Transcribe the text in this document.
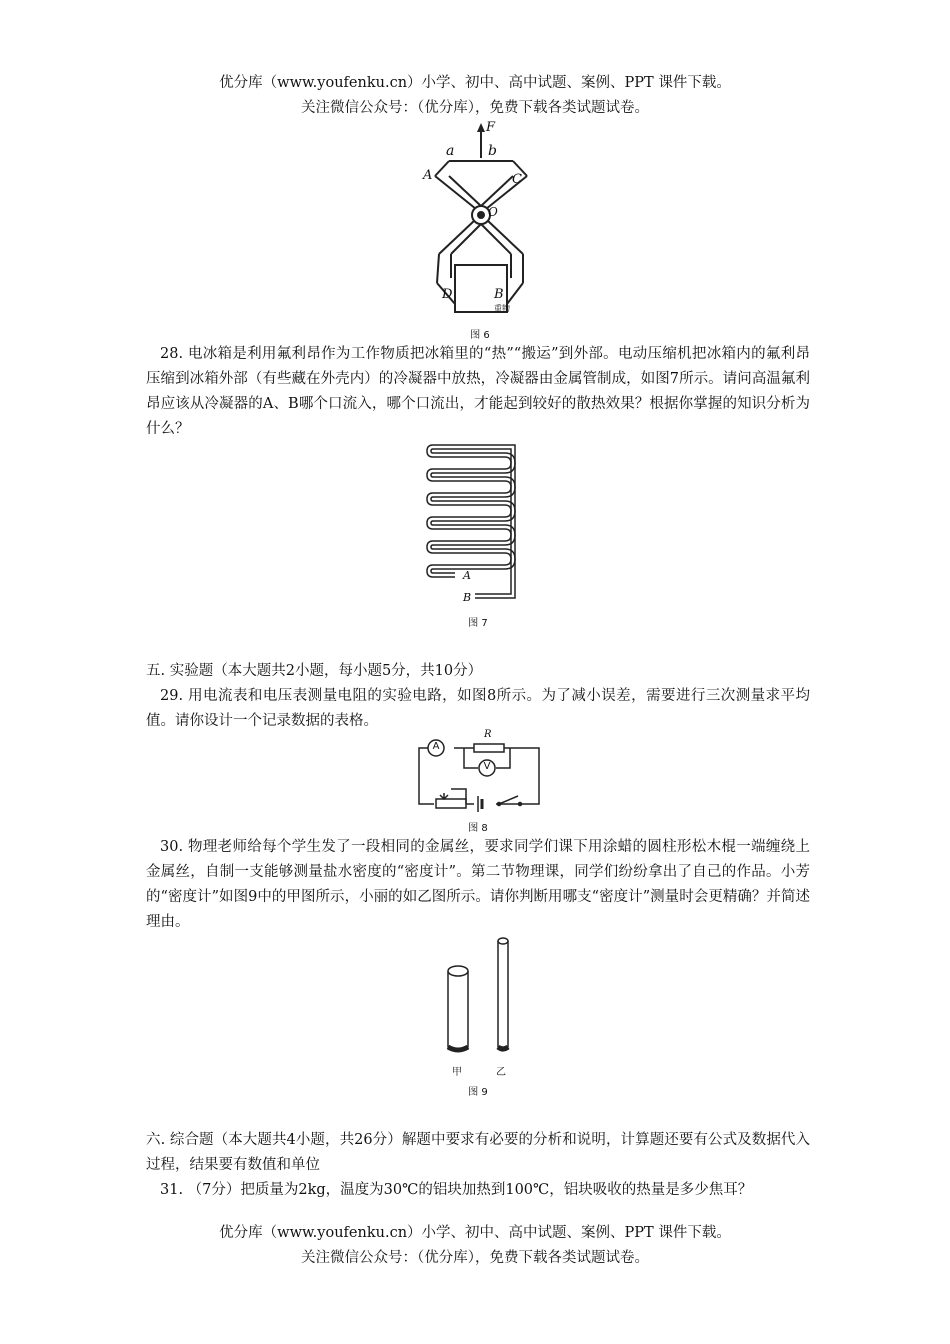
优分库（www.youfenku.cn）小学、初中、高中试题、案例、PPT 课件下载。
关注微信公众号：（优分库），免费下载各类试题试卷。
F
a b
A	C
O
D	B
重物
图 6

28. 电冰箱是利用氟利昂作为工作物质把冰箱里的“热”“搬运”到外部。电动压缩机把冰箱内的氟利昂压缩到冰箱外部（有些藏在外壳内）的冷凝器中放热，冷凝器由金属管制成，如图7所示。请问高温氟利昂应该从冷凝器的A、B哪个口流入，哪个口流出，才能起到较好的散热效果？根据你掌握的知识分析为什么？

A
B
图 7
五. 实验题（本大题共2小题，每小题5分，共10分）

29. 用电流表和电压表测量电阻的实验电路，如图8所示。为了减小误差，需要进行三次测量求平均值。请你设计一个记录数据的表格。

A
R
V
图 8

30. 物理老师给每个学生发了一段相同的金属丝，要求同学们课下用涂蜡的圆柱形松木棍一端缠绕上金属丝，自制一支能够测量盐水密度的“密度计”。第二节物理课，同学们纷纷拿出了自己的作品。小芳的“密度计”如图9中的甲图所示，小丽的如乙图所示。请你判断用哪支“密度计”测量时会更精确？并简述理由。

甲	乙
图 9

六. 综合题（本大题共4小题，共26分）解题中要求有必要的分析和说明，计算题还要有公式及数据代入过程，结果要有数值和单位

31. （7分）把质量为2kg，温度为30℃的铝块加热到100℃，铝块吸收的热量是多少焦耳？
优分库（www.youfenku.cn）小学、初中、高中试题、案例、PPT 课件下载。
关注微信公众号：（优分库），免费下载各类试题试卷。
